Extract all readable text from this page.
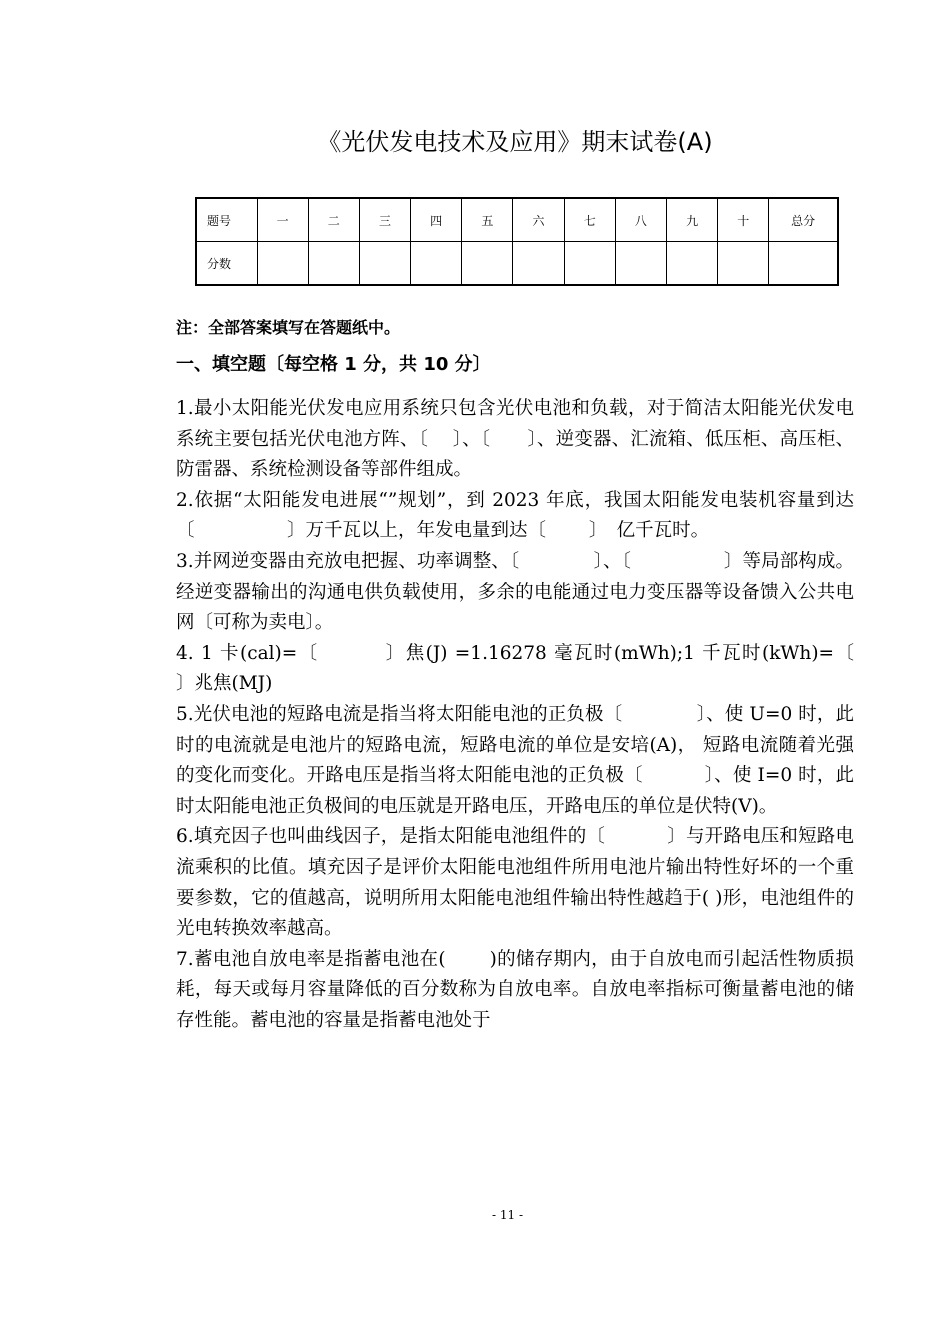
《光伏发电技术及应用》期末试卷(A)
题号	一	二	三	四	五	六	七	八	九	十	总分
分数											
注：全部答案填写在答题纸中。
一、填空题〔每空格 1 分，共 10 分〕

1.最小太阳能光伏发电应用系统只包含光伏电池和负载，对于简洁太阳能光伏发电系统主要包括光伏电池方阵、〔　 〕、〔　　〕、逆变器、汇流箱、低压柜、高压柜、防雷器、系统检测设备等部件组成。

2.依据“太阳能发电进展“”规划”，到 2023 年底，我国太阳能发电装机容量到达〔　　　　　〕万千瓦以上，年发电量到达〔　　 〕　亿千瓦时。

3.并网逆变器由充放电把握、功率调整、〔　　　　〕、〔　　　　　〕等局部构成。经逆变器输出的沟通电供负载使用，多余的电能通过电力变压器等设备馈入公共电网〔可称为卖电〕。

4. 1 卡(cal)=〔　　　 〕焦(J) =1.16278 毫瓦时(mWh);1 千瓦时(kWh)=〔　 〕兆焦(MJ)

5.光伏电池的短路电流是指当将太阳能电池的正负极〔　　　　〕、使 U=0 时，此时的电流就是电池片的短路电流，短路电流的单位是安培(A)， 短路电流随着光强的变化而变化。开路电压是指当将太阳能电池的正负极〔　　　 〕、使 I=0 时，此时太阳能电池正负极间的电压就是开路电压，开路电压的单位是伏特(V)。

6.填充因子也叫曲线因子，是指太阳能电池组件的〔　　　 〕与开路电压和短路电流乘积的比值。填充因子是评价太阳能电池组件所用电池片输出特性好坏的一个重要参数，它的值越高，说明所用太阳能电池组件输出特性越趋于( )形，电池组件的光电转换效率越高。

7.蓄电池自放电率是指蓄电池在(　　 )的储存期内，由于自放电而引起活性物质损耗，每天或每月容量降低的百分数称为自放电率。自放电率指标可衡量蓄电池的储存性能。蓄电池的容量是指蓄电池处于

- 11 -
